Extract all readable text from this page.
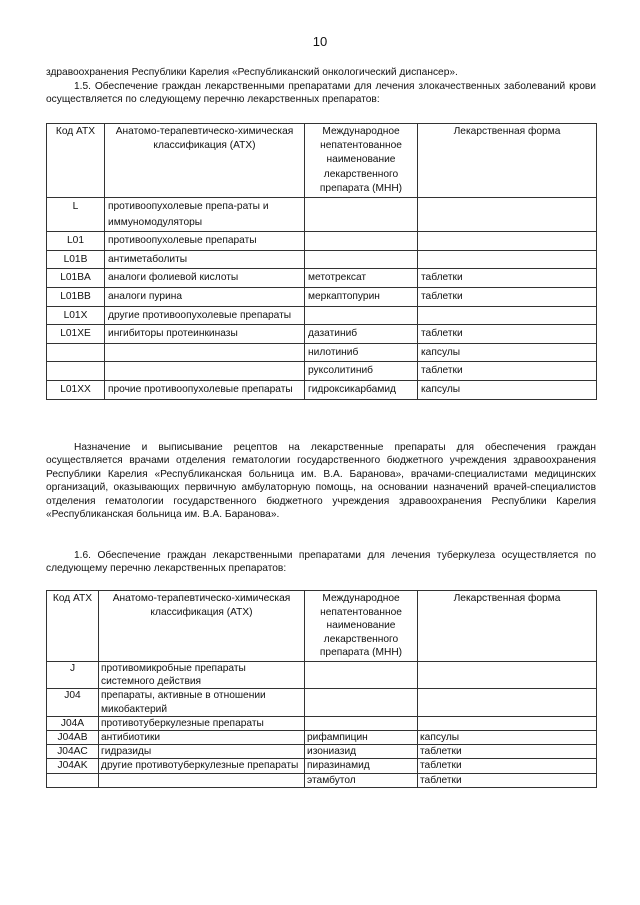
10

здравоохранения Республики Карелия «Республиканский онкологический диспансер».

1.5. Обеспечение граждан лекарственными препаратами для лечения злокачественных заболеваний крови осуществляется по следующему перечню лекарственных препаратов:

Код АТХ	Анатомо-терапевтическо-химическая классификация (АТХ)	Международное непатентованное наименование лекарственного препарата (МНН)	Лекарственная форма
L	противоопухолевые препа-раты и иммуномодуляторы		
L01	противоопухолевые препараты		
L01B	антиметаболиты		
L01BA	аналоги фолиевой кислоты	метотрексат	таблетки
L01BB	аналоги пурина	меркаптопурин	таблетки
L01X	другие противоопухолевые препараты		
L01XE	ингибиторы протеинкиназы	дазатиниб	таблетки
		нилотиниб	капсулы
		руксолитиниб	таблетки
L01XX	прочие противоопухолевые препараты	гидроксикарбамид	капсулы

Назначение и выписывание рецептов на лекарственные препараты для обеспечения граждан осуществляется врачами отделения гематологии государственного бюджетного учреждения здравоохранения Республики Карелия «Республиканская больница им. В.А. Баранова», врачами-специалистами медицинских организаций, оказывающих первичную амбулаторную помощь, на основании назначений врачей-специалистов отделения гематологии государственного бюджетного учреждения здравоохранения Республики Карелия «Республиканская больница им. В.А. Баранова».

1.6. Обеспечение граждан лекарственными препаратами для лечения туберкулеза осуществляется по следующему перечню лекарственных препаратов:

Код АТХ	Анатомо-терапевтическо-химическая классификация (АТХ)	Международное непатентованное наименование лекарственного препарата (МНН)	Лекарственная форма
J	противомикробные препараты системного действия		
J04	препараты, активные в отношении микобактерий		
J04A	противотуберкулезные препараты		
J04AB	антибиотики	рифампицин	капсулы
J04AC	гидразиды	изониазид	таблетки
J04AK	другие противотуберкулезные препараты	пиразинамид	таблетки
		этамбутол	таблетки
